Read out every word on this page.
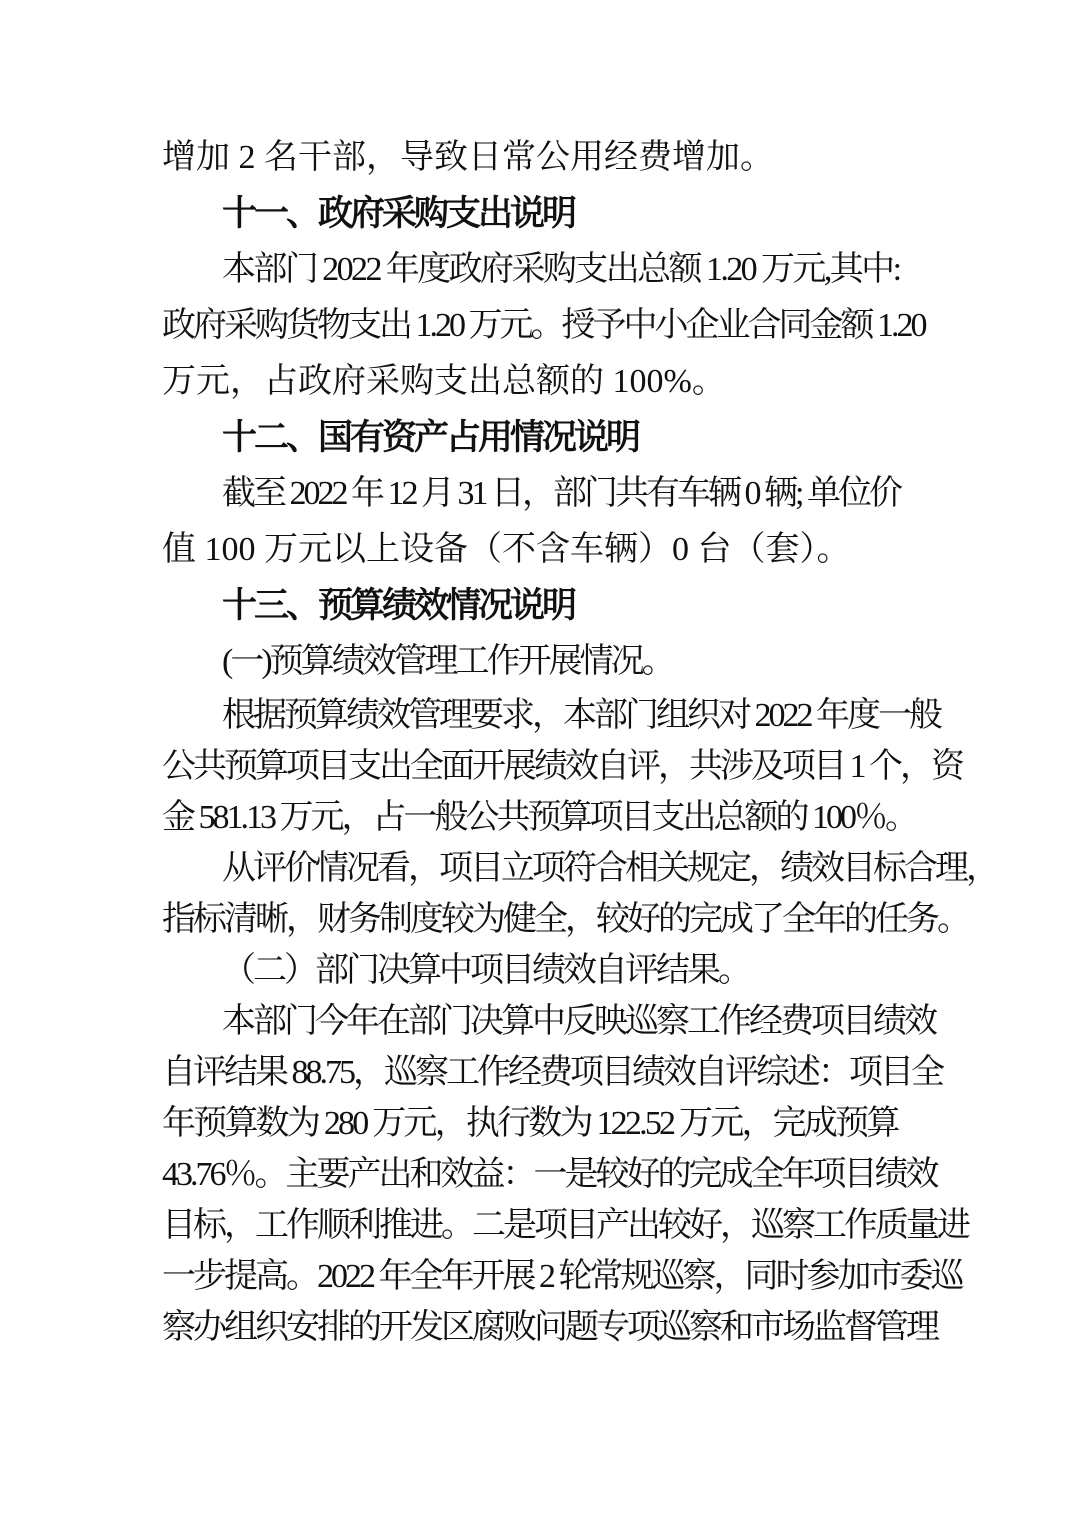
增加 2 名干部，导致日常公用经费增加。
十一、政府采购支出说明
本部门 2022 年度政府采购支出总额 1.20 万元,其中:
政府采购货物支出 1.20 万元。授予中小企业合同金额 1.20
万元，占政府采购支出总额的 100%。
十二、国有资产占用情况说明
截至 2022 年 12 月 31 日，部门共有车辆 0 辆; 单位价
值 100 万元以上设备（不含车辆）0 台（套）。
十三、预算绩效情况说明
(一)预算绩效管理工作开展情况。
根据预算绩效管理要求，本部门组织对 2022 年度一般
公共预算项目支出全面开展绩效自评，共涉及项目 1 个，资
金 581.13 万元，占一般公共预算项目支出总额的 100％。
从评价情况看，项目立项符合相关规定，绩效目标合理，
指标清晰，财务制度较为健全，较好的完成了全年的任务。
（二）部门决算中项目绩效自评结果。
本部门今年在部门决算中反映巡察工作经费项目绩效
自评结果 88.75，巡察工作经费项目绩效自评综述：项目全
年预算数为 280 万元，执行数为 122.52 万元，完成预算
43.76％。主要产出和效益：一是较好的完成全年项目绩效
目标，工作顺利推进。二是项目产出较好，巡察工作质量进
一步提高。2022 年全年开展 2 轮常规巡察，同时参加市委巡
察办组织安排的开发区腐败问题专项巡察和市场监督管理
